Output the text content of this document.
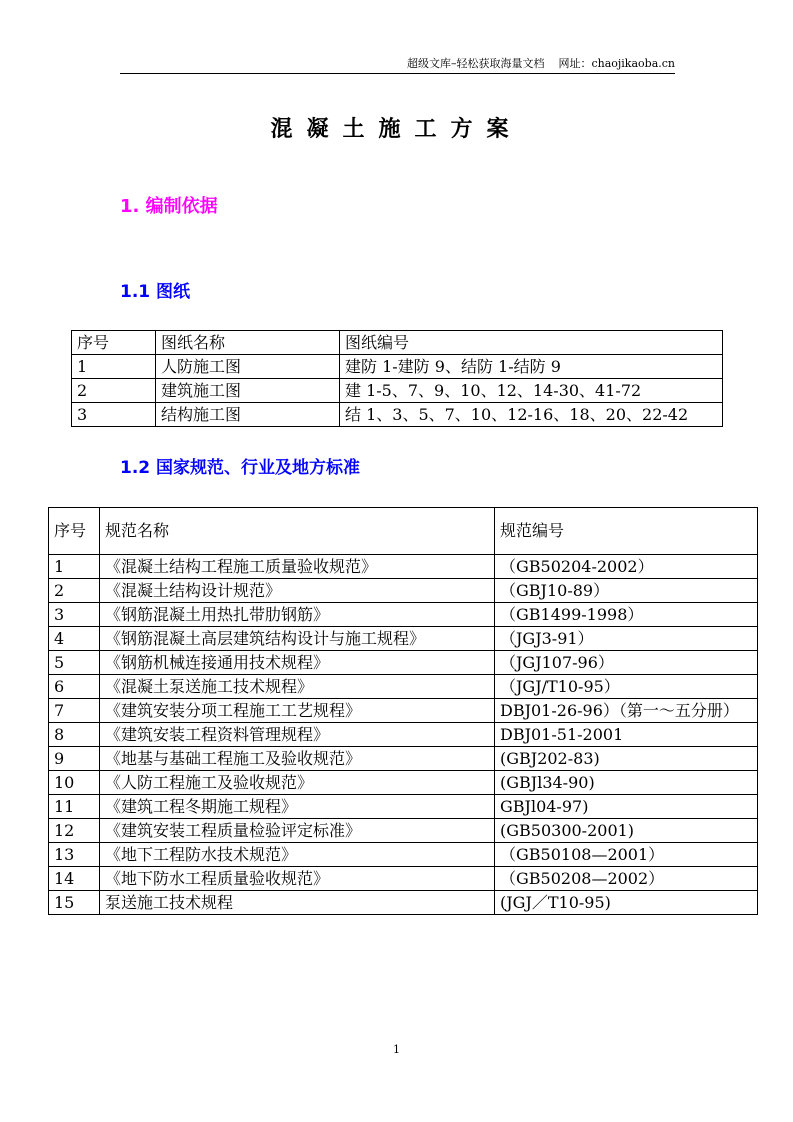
超级文库–轻松获取海量文档 网址：chaojikaoba.cn
混凝土施工方案
1. 编制依据
1.1 图纸
序号	图纸名称	图纸编号
1	人防施工图	建防 1-建防 9、结防 1-结防 9
2	建筑施工图	建 1-5、7、9、10、12、14-30、41-72
3	结构施工图	结 1、3、5、7、10、12-16、18、20、22-42
1.2 国家规范、行业及地方标准
序号	规范名称	规范编号
1	《混凝土结构工程施工质量验收规范》	（GB50204-2002）
2	《混凝土结构设计规范》	（GBJ10-89）
3	《钢筋混凝土用热扎带肋钢筋》	（GB1499-1998）
4	《钢筋混凝土高层建筑结构设计与施工规程》	（JGJ3-91）
5	《钢筋机械连接通用技术规程》	（JGJ107-96）
6	《混凝土泵送施工技术规程》	（JGJ/T10-95）
7	《建筑安装分项工程施工工艺规程》	DBJ01-26-96）（第一～五分册）
8	《建筑安装工程资料管理规程》	DBJ01-51-2001
9	《地基与基础工程施工及验收规范》	(GBJ202-83)
10	《人防工程施工及验收规范》	(GBJl34-90)
11	《建筑工程冬期施工规程》	GBJl04-97)
12	《建筑安装工程质量检验评定标准》	(GB50300-2001)
13	《地下工程防水技术规范》	（GB50108—2001）
14	《地下防水工程质量验收规范》	（GB50208—2002）
15	泵送施工技术规程	(JGJ／T10-95)
1
